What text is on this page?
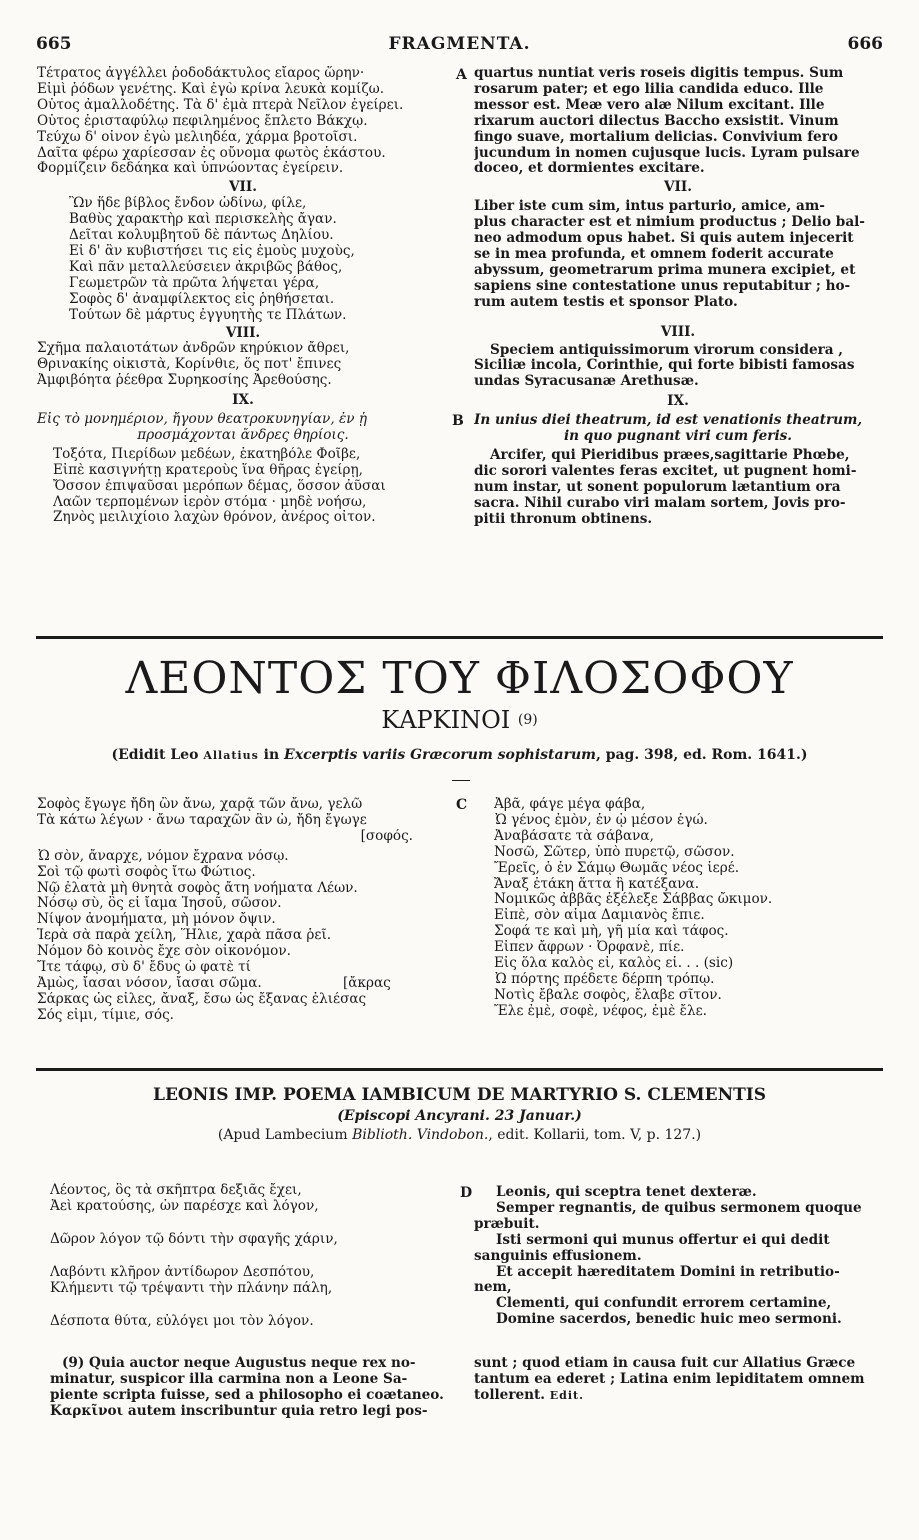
665	FRAGMENTA.	666
A
B
C
D
Τέτρατος ἀγγέλλει ῥοδοδάκτυλος εἴαρος ὥρην·
Εἰμὶ ῥόδων γενέτης. Καὶ ἐγὼ κρίνα λευκὰ κομίζω.
Οὗτος ἀμαλλοδέτης. Τὰ δ' ἐμὰ πτερὰ Νεῖλον ἐγείρει.
Οὗτος ἐρισταφύλῳ πεφιλημένος ἔπλετο Βάκχῳ.
Τεύχω δ' οἶνον ἐγὼ μελιηδέα, χάρμα βροτοῖσι.
Δαῖτα φέρω χαρίεσσαν ἐς οὔνομα φωτὸς ἑκάστου.
Φορμίζειν δεδάηκα καὶ ὑπνώοντας ἐγείρειν.
VII.
Ὢν ἥδε βίβλος ἔνδον ὠδίνω, φίλε,
Βαθὺς χαρακτὴρ καὶ περισκελὴς ἄγαν.
Δεῖται κολυμβητοῦ δὲ πάντως Δηλίου.
Εἰ δ' ἂν κυβιστήσει τις εἰς ἐμοὺς μυχοὺς,
Καὶ πᾶν μεταλλεύσειεν ἀκριβῶς βάθος,
Γεωμετρῶν τὰ πρῶτα λήψεται γέρα,
Σοφὸς δ' ἀναμφίλεκτος εἰς ῥηθήσεται.
Τούτων δὲ μάρτυς ἐγγυητὴς τε Πλάτων.
VIII.
Σχῆμα παλαιοτάτων ἀνδρῶν κηρύκιον ἄθρει,
Θρινακίης οἰκιστὰ, Κορίνθιε, ὅς ποτ' ἔπινες
Ἀμφιβόητα ῥέεθρα Συρηκοσίης Ἀρεθούσης.
IX.
Εἰς τὸ μονημέριον, ἤγουν θεατροκυνηγίαν, ἐν ᾗ
προσμάχονται ἄνδρες θηρίοις.
Τοξότα, Πιερίδων μεδέων, ἑκατηβόλε Φοῖβε,
Εἰπὲ κασιγνήτῃ κρατεροὺς ἵνα θῆρας ἐγείρῃ,
Ὄσσον ἐπιψαῦσαι μερόπων δέμας, ὅσσον ἀῦσαι
Λαῶν τερπομένων ἱερὸν στόμα · μηδὲ νοήσω,
Ζηνὸς μειλιχίοιο λαχὼν θρόνον, ἀνέρος οἶτον.
quartus nuntiat veris roseis digitis tempus. Sum
rosarum pater; et ego lilia candida educo. Ille
messor est. Meæ vero alæ Nilum excitant. Ille
rixarum auctori dilectus Baccho exsistit. Vinum
fingo suave, mortalium delicias. Convivium fero
jucundum in nomen cujusque lucis. Lyram pulsare
doceo, et dormientes excitare.
VII.
Liber iste cum sim, intus parturio, amice, am-
plus character est et nimium productus ; Delio bal-
neo admodum opus habet. Si quis autem injecerit
se in mea profunda, et omnem foderit accurate
abyssum, geometrarum prima munera excipiet, et
sapiens sine contestatione unus reputabitur ; ho-
rum autem testis et sponsor Plato.
VIII.
Speciem antiquissimorum virorum considera ,
Siciliæ incola, Corinthie, qui forte bibisti famosas
undas Syracusanæ Arethusæ.
IX.
In unius diei theatrum, id est venationis theatrum,
in quo pugnant viri cum feris.
Arcifer, qui Pieridibus præes,sagittarie Phœbe,
dic sorori valentes feras excitet, ut pugnent homi-
num instar, ut sonent populorum lætantium ora
sacra. Nihil curabo viri malam sortem, Jovis pro-
pitii thronum obtinens.
ΛΕΟΝΤΟΣ ΤΟΥ ΦΙΛΟΣΟΦΟΥ
ΚΑΡΚΙΝΟΙ $^{(9)}$
(Edidit Leo Allatius in Excerptis variis Græcorum sophistarum, pag. 398, ed. Rom. 1641.)
Σοφὸς ἔγωγε ἤδη ὢν ἄνω, χαρᾷ τῶν ἄνω, γελῶ
Τὰ κάτω λέγων · ἄνω ταραχῶν ἂν ὦ, ἤδη ἔγωγε
[σοφός.
Ὦ σὸν, ἄναρχε, νόμον ἔχρανα νόσῳ.
Σοὶ τῷ φωτὶ σοφὸς ἴτω Φώτιος.
Νῷ ἐλατὰ μὴ θνητὰ σοφὸς ἄτη νοήματα Λέων.
Νόσῳ σὺ, ὃς εἶ ἴαμα Ἰησοῦ, σῶσον.
Νίψον ἀνομήματα, μὴ μόνον ὄψιν.
Ἱερὰ σὰ παρὰ χείλη, Ἥλιε, χαρὰ πᾶσα ῥεῖ.
Νόμον δὸ κοινὸς ἔχε σὸν οἰκονόμον.
Ἴτε τάφῳ, σὺ δ' ἔδυς ὦ φατὲ τί
Ἀμὼς, ἴασαι νόσον, ἴασαι σῶμα.	[ἄκρας
Σάρκας ὡς εἶλες, ἄναξ, ἔσω ὡς ἔξανας ἐλιέσας
Σός εἰμι, τίμιε, σός.
Ἀβᾶ, φάγε μέγα φάβα,
Ὦ γένος ἐμὸν, ἐν ᾧ μέσον ἐγώ.
Ἀναβάσατε τὰ σάβανα,
Νοσῶ, Σῶτερ, ὑπὸ πυρετῷ, σῶσον.
Ἔρεῖς, ὁ ἐν Σάμῳ Θωμᾶς νέος ἱερέ.
Ἄναξ ἐτάκη ἅττα ἣ κατέξανα.
Νομικῶς ἀββᾶς ἐξέλεξε Σάββας ὤκιμον.
Εἰπὲ, σὸν αἷμα Δαμιανὸς ἔπιε.
Σοφά τε καὶ μὴ, γῆ μία καὶ τάφος.
Εἶπεν ἄφρων · Ὀρφανὲ, πίε.
Εἰς ὅλα καλὸς εἶ, καλὸς εἶ. . . (sic)
Ὦ πόρτης πρέδετε δέρπη τρόπῳ.
Νοτὶς ἔβαλε σοφὸς, ἔλαβε σῖτον.
Ἔλε ἐμὲ, σοφὲ, νέφος, ἐμὲ ἔλε.
LEONIS IMP. POEMA IAMBICUM DE MARTYRIO S. CLEMENTIS
(Episcopi Ancyrani. 23 Januar.)
(Apud Lambecium Biblioth. Vindobon., edit. Kollarii, tom. V, p. 127.)
Λέοντος, ὃς τὰ σκῆπτρα δεξιᾶς ἔχει,
Ἀεὶ κρατούσης, ὧν παρέσχε καὶ λόγον,
Δῶρον λόγον τῷ δόντι τὴν σφαγῆς χάριν,
Λαβόντι κλῆρον ἀντίδωρον Δεσπότου,
Κλήμεντι τῷ τρέψαντι τὴν πλάνην πάλη,
Δέσποτα θύτα, εὐλόγει μοι τὸν λόγον.
Leonis, qui sceptra tenet dexteræ.
Semper regnantis, de quibus sermonem quoque
præbuit.
Isti sermoni qui munus offertur ei qui dedit
sanguinis effusionem.
Et accepit hæreditatem Domini in retributio-
nem,
Clementi, qui confundit errorem certamine,
Domine sacerdos, benedic huic meo sermoni.
(9) Quia auctor neque Augustus neque rex no-
minatur, suspicor illa carmina non a Leone Sa-
piente scripta fuisse, sed a philosopho ei coætaneo.
Καρκῖνοι autem inscribuntur quia retro legi pos-
sunt ; quod etiam in causa fuit cur Allatius Græce
tantum ea ederet ; Latina enim lepiditatem omnem
tollerent. Edit.
